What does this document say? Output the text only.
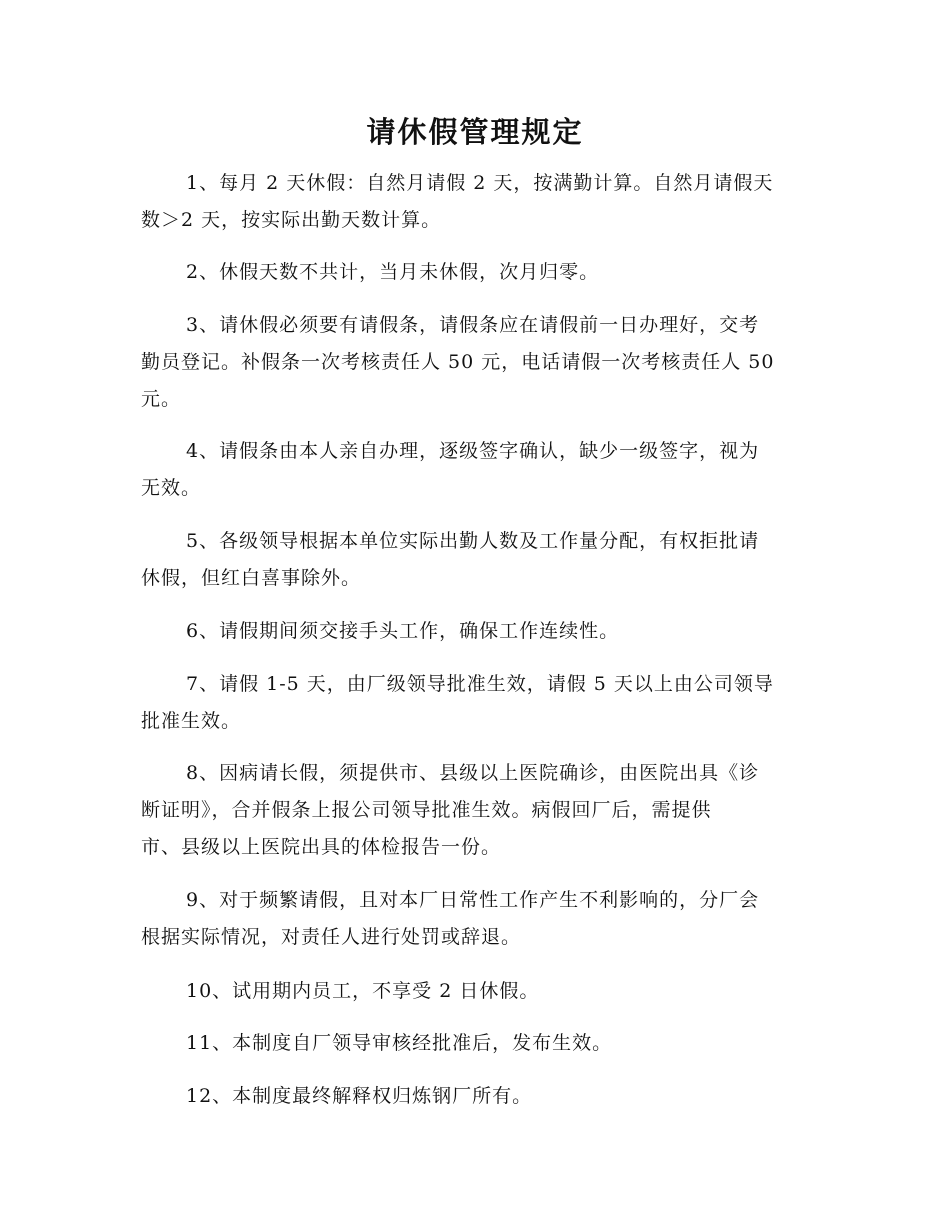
请休假管理规定
1、每月 2 天休假：自然月请假 2 天，按满勤计算。自然月请假天
数＞2 天，按实际出勤天数计算。
2、休假天数不共计，当月未休假，次月归零。
3、请休假必须要有请假条，请假条应在请假前一日办理好，交考
勤员登记。补假条一次考核责任人 50 元，电话请假一次考核责任人 50
元。
4、请假条由本人亲自办理，逐级签字确认，缺少一级签字，视为
无效。
5、各级领导根据本单位实际出勤人数及工作量分配，有权拒批请
休假，但红白喜事除外。
6、请假期间须交接手头工作，确保工作连续性。
7、请假 1-5 天，由厂级领导批准生效，请假 5 天以上由公司领导
批准生效。
8、因病请长假，须提供市、县级以上医院确诊，由医院出具《诊
断证明》，合并假条上报公司领导批准生效。病假回厂后，需提供
市、县级以上医院出具的体检报告一份。
9、对于频繁请假，且对本厂日常性工作产生不利影响的，分厂会
根据实际情况，对责任人进行处罚或辞退。
10、试用期内员工，不享受 2 日休假。
11、本制度自厂领导审核经批准后，发布生效。
12、本制度最终解释权归炼钢厂所有。
